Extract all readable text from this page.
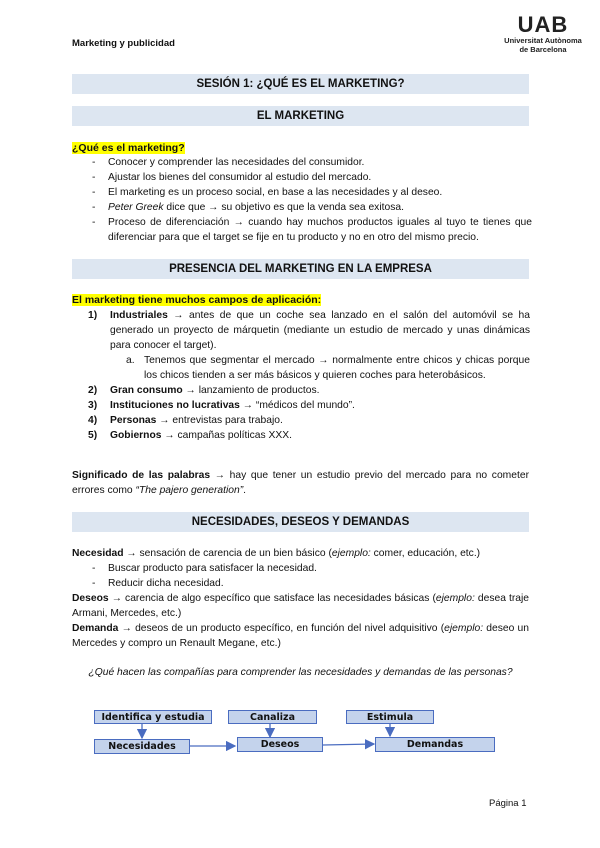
Marketing y publicidad
UAB
Universitat Autònoma
de Barcelona
SESIÓN 1: ¿QUÉ ES EL MARKETING?
EL MARKETING
¿Qué es el marketing?
- Conocer y comprender las necesidades del consumidor.
- Ajustar los bienes del consumidor al estudio del mercado.
- El marketing es un proceso social, en base a las necesidades y al deseo.
- Peter Greek dice que → su objetivo es que la venda sea exitosa.
- Proceso de diferenciación → cuando hay muchos productos iguales al tuyo te tienes que diferenciar para que el target se fije en tu producto y no en otro del mismo precio.
PRESENCIA DEL MARKETING EN LA EMPRESA
El marketing tiene muchos campos de aplicación:
1) Industriales → antes de que un coche sea lanzado en el salón del automóvil se ha generado un proyecto de márquetin (mediante un estudio de mercado y unas dinámicas para conocer el target).
a. Tenemos que segmentar el mercado → normalmente entre chicos y chicas porque los chicos tienden a ser más básicos y quieren coches para heterobásicos.
2) Gran consumo → lanzamiento de productos.
3) Instituciones no lucrativas → “médicos del mundo”.
4) Personas → entrevistas para trabajo.
5) Gobiernos → campañas políticas XXX.
Significado de las palabras → hay que tener un estudio previo del mercado para no cometer errores como “The pajero generation”.
NECESIDADES, DESEOS Y DEMANDAS
Necesidad → sensación de carencia de un bien básico (ejemplo: comer, educación, etc.)
- Buscar producto para satisfacer la necesidad.
- Reducir dicha necesidad.
Deseos → carencia de algo específico que satisface las necesidades básicas (ejemplo: desea traje Armani, Mercedes, etc.)
Demanda → deseos de un producto específico, en función del nivel adquisitivo (ejemplo: deseo un Mercedes y compro un Renault Megane, etc.)
¿Qué hacen las compañías para comprender las necesidades y demandas de las personas?
Identifica y estudia
Necesidades
Canaliza
Deseos
Estimula
Demandas
Página 1
